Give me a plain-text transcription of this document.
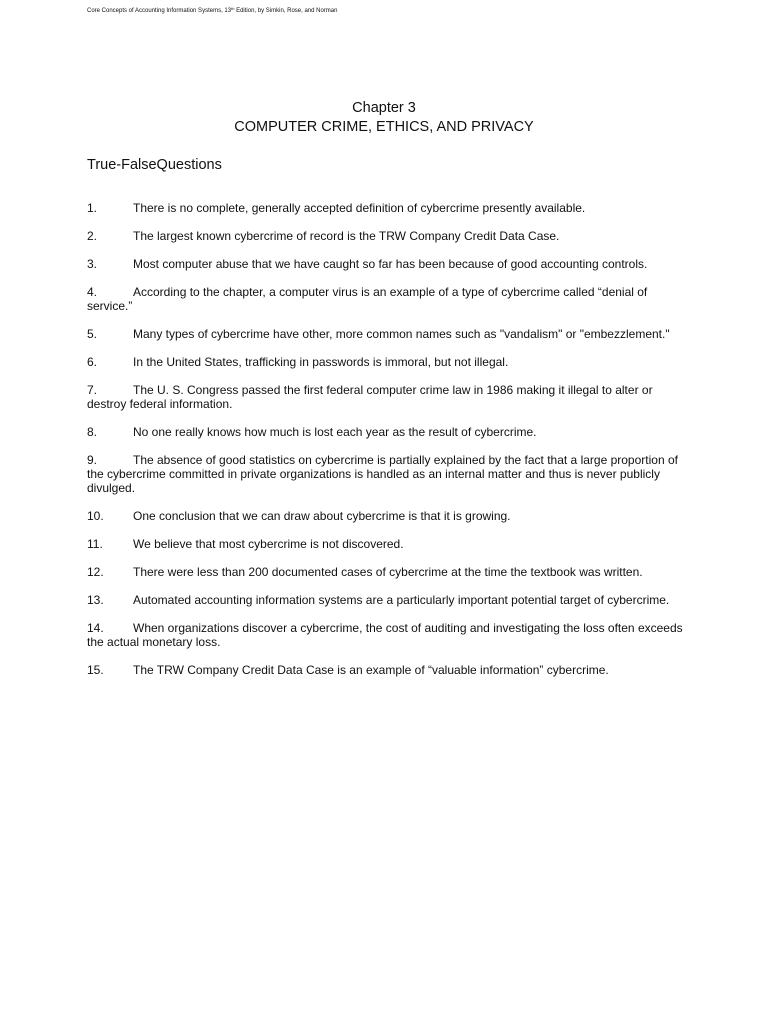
Core Concepts of Accounting Information Systems, 13th Edition, by Simkin, Rose, and Norman
Chapter 3
COMPUTER CRIME, ETHICS, AND PRIVACY
True-FalseQuestions
1.	There is no complete, generally accepted definition of cybercrime presently available.
2.	The largest known cybercrime of record is the TRW Company Credit Data Case.
3.	Most computer abuse that we have caught so far has been because of good accounting controls.
4.	According to the chapter, a computer virus is an example of a type of cybercrime called “denial of service.”
5.	Many types of cybercrime have other, more common names such as "vandalism" or "embezzlement."
6.	In the United States, trafficking in passwords is immoral, but not illegal.
7.	The U. S. Congress passed the first federal computer crime law in 1986 making it illegal to alter or destroy federal information.
8.	No one really knows how much is lost each year as the result of cybercrime.
9.	The absence of good statistics on cybercrime is partially explained by the fact that a large proportion of the cybercrime committed in private organizations is handled as an internal matter and thus is never publicly divulged.
10. One conclusion that we can draw about cybercrime is that it is growing.
11.	We believe that most cybercrime is not discovered.
12. There were less than 200 documented cases of cybercrime at the time the textbook was written.
13. Automated accounting information systems are a particularly important potential target of cybercrime.
14. When organizations discover a cybercrime, the cost of auditing and investigating the loss often exceeds the actual monetary loss.
15. The TRW Company Credit Data Case is an example of “valuable information” cybercrime.
